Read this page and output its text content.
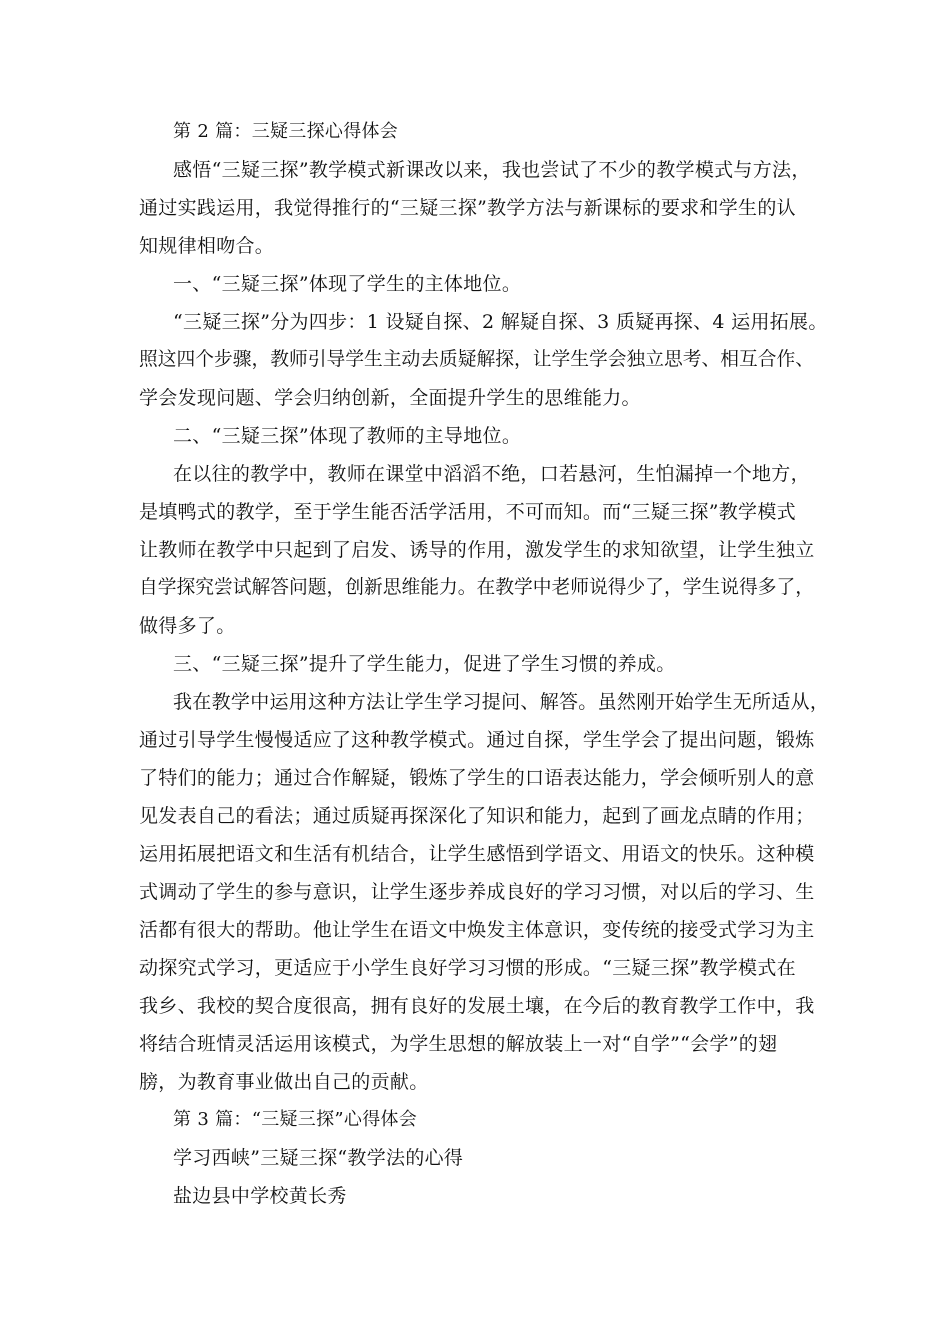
第 2 篇：三疑三探心得体会
感悟“三疑三探”教学模式新课改以来，我也尝试了不少的教学模式与方法，
通过实践运用，我觉得推行的“三疑三探”教学方法与新课标的要求和学生的认
知规律相吻合。
一、“三疑三探”体现了学生的主体地位。
“三疑三探”分为四步：1 设疑自探、2 解疑自探、3 质疑再探、4 运用拓展。
照这四个步骤，教师引导学生主动去质疑解探，让学生学会独立思考、相互合作、
学会发现问题、学会归纳创新，全面提升学生的思维能力。
二、“三疑三探”体现了教师的主导地位。
在以往的教学中，教师在课堂中滔滔不绝，口若悬河，生怕漏掉一个地方，
是填鸭式的教学，至于学生能否活学活用，不可而知。而“三疑三探”教学模式
让教师在教学中只起到了启发、诱导的作用，激发学生的求知欲望，让学生独立
自学探究尝试解答问题，创新思维能力。在教学中老师说得少了，学生说得多了，
做得多了。
三、“三疑三探”提升了学生能力，促进了学生习惯的养成。
我在教学中运用这种方法让学生学习提问、解答。虽然刚开始学生无所适从，
通过引导学生慢慢适应了这种教学模式。通过自探，学生学会了提出问题，锻炼
了特们的能力；通过合作解疑，锻炼了学生的口语表达能力，学会倾听别人的意
见发表自己的看法；通过质疑再探深化了知识和能力，起到了画龙点睛的作用；
运用拓展把语文和生活有机结合，让学生感悟到学语文、用语文的快乐。这种模
式调动了学生的参与意识，让学生逐步养成良好的学习习惯，对以后的学习、生
活都有很大的帮助。他让学生在语文中焕发主体意识，变传统的接受式学习为主
动探究式学习，更适应于小学生良好学习习惯的形成。“三疑三探”教学模式在
我乡、我校的契合度很高，拥有良好的发展土壤，在今后的教育教学工作中，我
将结合班情灵活运用该模式，为学生思想的解放装上一对“自学”“会学”的翅
膀，为教育事业做出自己的贡献。
第 3 篇：“三疑三探”心得体会
学习西峡”三疑三探“教学法的心得
盐边县中学校黄长秀
